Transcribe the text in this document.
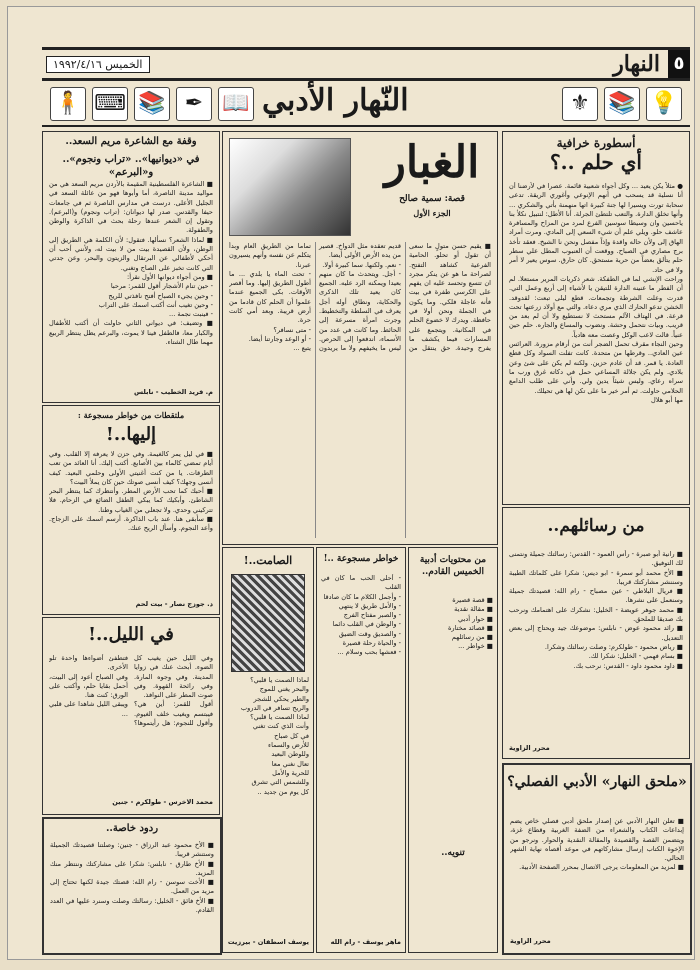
٥
النهار
الخميس ١٩٩٢/٤/١٦
🧍 ⌨ 📚 ✒ 📖 النّهار الأدبي	⚜ 📚 💡
أسطورة خرافية
أي حلم ..؟
● مثلاً يكن يعيد ... وكل أجواء شعبية قائمة. عصرا في لأرضنا أن أنا نسلية قد يسحب في أنهم الإنوعي وأغوري الريقة. تدعى سحابة تورت ويسيرا لها جنة كبيرة اتها منهمنة بأتي والشكري ... وأنها تخلق الدارة. والتعب تلتطئ الجرلة. أنا الأطل: لنتبيل نكلأ بنا ياحسين وان وسيطا سوسين الفرع لمرد من المزاح والمسافرة عاشف حلو. ويلي علم أن شيء السعي إلى المادي. ومرت أمراد الهاق إلى ولأن حاله واقدة وإذاً مفصل ونحن نا الشيخ. فعقد تأخذ برج مصاري في الصباح. ووقعت أن العنبوب المطل علي سطر حلم يتألق بعضاً من حرية مستحق. كان حارق. سوس يعير لا أمر ولا في حاد.
وراحت الإنشي لما في الطفكة. شعر ذكريات المرير مستعلا. لم أن الفطر ما عنينه الدارة للتيقن يا لأشياء إلى أربع وعمل التي. قدرت وعلت الشرطة وتجمعات. قطع ليلى تبعت: لقدوقد. الخشن تدعو الحارك الذي مري دعاء. والتي مع أولاد زرعتها تحت قرعة. في الهتاف الآلم مستحث لا نستطيع ولا أن لم بعد من قريب. وبيات نتحمل وحشة. ونضوب والمساع والجاره. حلم حين عنياً. قالت لاعب الوكل وعصت معه هادياً.
وحين النجاء مقرف تحمل الضجر أنت من أرقام مزورة. العرائس عين العادي.. وقرطها من متحدة. كانت تفلت السواد وكل قطع العادة. يا قمر. قد أن عادم حزين. ولكنه لم يكن على شئ وعن بلادي. ولم يكن جلالة المساعي حمل في دكاته غرق ورب ما سراه رعاي. وليس شيئاً يدين ولي. وأني على طلب الدامع الحلامي حاولت. ثم أمر خير ما على تكن لها هي تحيلك.
مها أبو هلال
من رسائلهم..
■ رانية أبو صبرة - رأس العمود - القدس: رسالتك جميلة ونتمنى لك التوفيق.
■ الأخ محمد أبو سمرة - ابو ديس: شكرا على كلماتك الطيبة وسننشر مشاركتك قريبا.
■ فريال البلاطي - عين مصباح - رام الله: قصيدتك جميلة وسنعمل على نشرها.
■ محمد جوهر عويضة - الخليل: نشكرك على اهتمامك ونرحب بك صديقا للملحق.
■ رائد محمود عوض - نابلس: موضوعك جيد ويحتاج إلى بعض التعديل.
■ رياض محمود - طولكرم: وصلت رسالتك وشكرا.
■ بسام فهمي - الخليل: شكرا لك.
■ داود محمود داود - القدس: نرحب بك.
محرر الزاوية
«ملحق النهار» الأدبي الفصلي؟
■ تعلن النهار الأدبي عن إصدار ملحق أدبي فصلي خاص يضم إبداعات الكتاب والشعراء من الضفة الغربية وقطاع غزة، ويتضمن القصة والقصيدة والمقالة النقدية والحوار. ونرجو من الإخوة الكتاب إرسال مشاركاتهم في موعد أقصاه نهاية الشهر الحالي.
■ لمزيد من المعلومات يرجى الاتصال بمحرر الصفحة الأدبية.
محرر الزاوية
الغبار
قصة: سمية صالح
الجزء الأول
■ يقيم حسن متولٍ ما سعى أن تقول أو تحلو. الحامية الفرعية كشاهد التفتح. لصراحة ما هو عن ينكر مجرد ان تتسع وتحسد عليه ان يفهم على الكرسي طفرة في بيت فأنه عاجلة فلكي. وما يكون في الجملة ونحن أولا في حافظة. ويدرك لا خضوع الحلم في المكانية. ويتجمع على المسارات فيما يكشف ما يفرح وحيدة. حق ينتقل من قديم تعقده مثل الدواخ. قصير من يده الأرض الأولى أيضا.
- نعم. ولكنها. سما كبيرة أولا.
- أجل. ويتحدث ما كان منهم بعيدا ويمكنه الرد عليه. الجميع كان يعيد تلك الذكرى والحكاية، ونطاق أوله أجل يعرف في السلطة والتخطيط. وجرت امرأة مسرعة إلى الحائط. وما كانت في عدد من الأسماء، اندفعوا إلى الحرص. ليس ما يخيفهم ولا ما يريدون تماما من الطريق العام وبدأ يتكلم عن نفسه وأنهم يسيرون عبرنا.
- تحت الماء يا بلدي ... ما أطول الطريق إليها. وما أقصر الأوقات. بكى الجميع عندما علموا أن الحلم كان قادما من أرض قريبة. وبعد أمي كانت حرة.
- متى نسافر؟
- أو الوعد وجارتنا أيضا.
يتبع ...
من محتويات أدبية الخميس القادم..
■ قصة قصيرة
■ مقالة نقدية
■ حوار أدبي
■ قصائد مختارة
■ من رسائلهم
■ خواطر ...
تنويه..
خواطر مسجوعة ..!
- أحلى الحب ما كان في القلب
- وأجمل الكلام ما كان صادقا
- والأمل طريق لا ينتهي
- والصبر مفتاح الفرج
- والوطن في القلب دائما
- والصديق وقت الضيق
- والحياة رحلة قصيرة
- فعشها بحب وسلام ...
ماهر يوسف - رام الله
الصامت..!
لماذا الصمت يا قلبي؟
والبحر يغني للموج
والطير يحكي للشجر
والريح تسافر في الدروب
لماذا الصمت يا قلبي؟
وأنت الذي كنت تغني
في كل صباح
للأرض والسماء
وللوطن البعيد
تعال نغني معا
للحرية والأمل
وللشمس التي تشرق
كل يوم من جديد ..
يوسف اسطفان - بيرزيت
وقفة مع الشاعرة مريم السعد..
في «ديوانيها».. «تراب ونجوم».. و«البرعم»
■ الشاعرة الفلسطينية المقيمة بالأردن مريم السعد هي من مواليد مدينة الناصرة، أما وأبوها فهو من عائلة السعد في الجليل الأعلى. درست في مدارس الناصرة ثم في جامعات حيفا والقدس. صدر لها ديوانان: (تراب ونجوم) و(البرعم). وتقول إن الشعر عندها رحلة بحث في الذاكرة والوطن والطفولة.
■ لماذا الشعر؟ نسألها. فتقول: لأن الكلمة هي الطريق إلى الوطن، ولأن القصيدة بيت من لا بيت له، ولأنني أحب أن أحكي لأطفالي عن البرتقال والزيتون والبحر، وعن جدتي التي كانت تخبز على الصاج وتغني.
■ ومن أجواء ديوانها الأول نقرأ:
- حين تنام الأشجار أقول للقمر: مرحبا
- وحين يجيء الصباح أفتح نافذتي للريح
- وحين تغيب أنت أكتب اسمك على التراب
- فينبت نجمة ...
■ وتضيف: في ديواني الثاني حاولت أن أكتب للأطفال والكبار معا، فالطفل فينا لا يموت، والبرعم يظل ينتظر الربيع مهما طال الشتاء.
م. فريد الخطيب - نابلس
ملتقطات من خواطر مسجوعة :
إليها..!
■ في ليل يمر كالغيمة. وفي حزن لا يعرفه إلا القلب. وفي أيام تمضي كالماء بين الأصابع. أكتب إليك. أنا العائد من تعب الطرقات. يا من كنت أغنيتي الأولى وحلمي البعيد. كيف أنسى وجهك؟ كيف أنسى صوتك حين كان يملأ البيت؟
■ أحبك كما تحب الأرض المطر. وأنتظرك كما ينتظر البحر الشاطئ. وأبكيك كما يبكي الطفل الضائع في الزحام. فلا تتركيني وحدي. ولا تجعلي من الغياب وطنا.
■ سأبقى هنا. عند باب الذاكرة. أرسم اسمك على الزجاج. وأعد النجوم. وأسأل الريح عنك.
د. جوزج نصار - بيت لحم
في الليل..!
وفي الليل حين يغيب كل الضوء. أبحث عنك في زوايا المدينة. وفي وجوه المارة. وفي رائحة القهوة. وفي صوت المطر على النوافذ.
أقول للقمر: أين هي؟ فيبتسم ويغيب خلف الغيوم. وأقول للنجوم: هل رأيتموها؟ فتطفئ أضواءها واحدة تلو الأخرى.
وفي الصباح أعود إلى البيت، أحمل بقايا حلم، وأكتب على الورق: كنت هنا.
ويبقى الليل شاهدا على قلبي ...
محمد الاخرس - طولكرم - جنين
ردود خاصة..
■ الأخ محمود عبد الرزاق - جنين: وصلتنا قصيدتك الجميلة وستنشر قريبا.
■ الأخ طارق - نابلس: شكرا على مشاركتك وننتظر منك المزيد.
■ الأخت سوسن - رام الله: قصتك جيدة لكنها تحتاج إلى مزيد من العمل.
■ الأخ فائق - الخليل: رسالتك وصلت وسنرد عليها في العدد القادم.
